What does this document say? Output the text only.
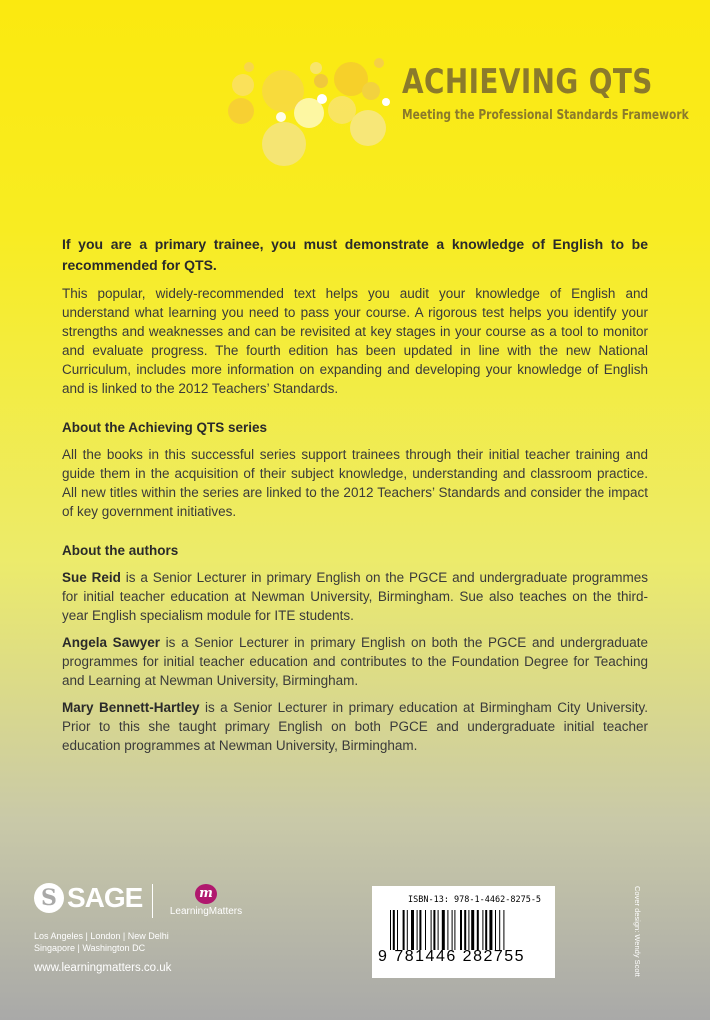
ACHIEVING QTS
Meeting the Professional Standards Framework

If you are a primary trainee, you must demonstrate a knowledge of English to be recommended for QTS.

This popular, widely-recommended text helps you audit your knowledge of English and understand what learning you need to pass your course. A rigorous test helps you identify your strengths and weaknesses and can be revisited at key stages in your course as a tool to monitor and evaluate progress. The fourth edition has been updated in line with the new National Curriculum, includes more information on expanding and developing your knowledge of English and is linked to the 2012 Teachers’ Standards.

About the Achieving QTS series

All the books in this successful series support trainees through their initial teacher training and guide them in the acquisition of their subject knowledge, understanding and classroom practice. All new titles within the series are linked to the 2012 Teachers’ Standards and consider the impact of key government initiatives.

About the authors

Sue Reid is a Senior Lecturer in primary English on the PGCE and undergraduate programmes for initial teacher education at Newman University, Birmingham. Sue also teaches on the third-year English specialism module for ITE students.

Angela Sawyer is a Senior Lecturer in primary English on both the PGCE and undergraduate programmes for initial teacher education and contributes to the Foundation Degree for Teaching and Learning at Newman University, Birmingham.

Mary Bennett-Hartley is a Senior Lecturer in primary education at Birmingham City University. Prior to this she taught primary English on both PGCE and undergraduate initial teacher education programmes at Newman University, Birmingham.

S SAGE	m
LearningMatters
Los Angeles | London | New Delhi
Singapore | Washington DC
www.learningmatters.co.uk
ISBN-13: 978-1-4462-8275-5
9 781446 282755	Cover design: Wendy Scott
